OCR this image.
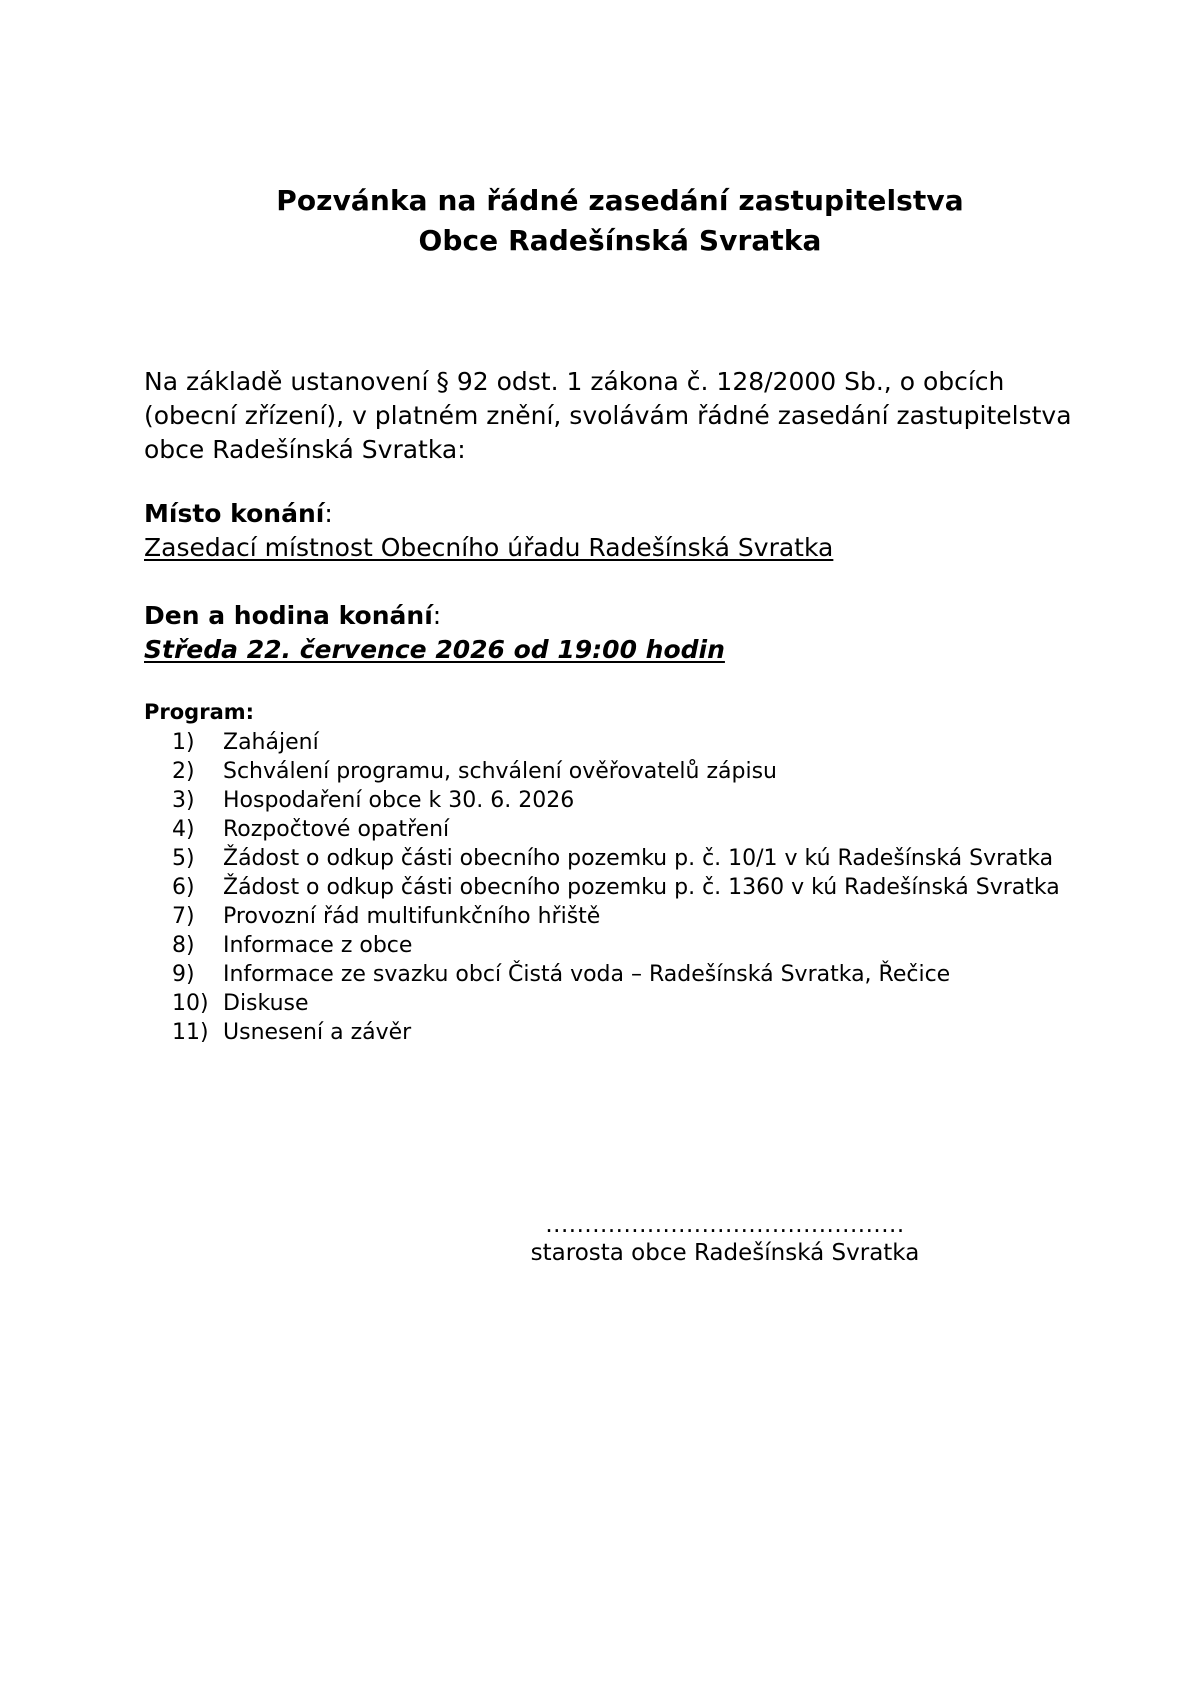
Pozvánka na řádné zasedání zastupitelstva
Obce Radešínská Svratka
Na základě ustanovení § 92 odst. 1 zákona č. 128/2000 Sb., o obcích
(obecní zřízení), v platném znění, svolávám řádné zasedání zastupitelstva
obce Radešínská Svratka:
Místo konání:
Zasedací místnost Obecního úřadu Radešínská Svratka
Den a hodina konání:
Středa 22. července 2026 od 19:00 hodin
Program:
1) Zahájení
2) Schválení programu, schválení ověřovatelů zápisu
3) Hospodaření obce k 30. 6. 2026
4) Rozpočtové opatření
5) Žádost o odkup části obecního pozemku p. č. 10/1 v kú Radešínská Svratka
6) Žádost o odkup části obecního pozemku p. č. 1360 v kú Radešínská Svratka
7) Provozní řád multifunkčního hřiště
8) Informace z obce
9) Informace ze svazku obcí Čistá voda – Radešínská Svratka, Řečice
10) Diskuse
11) Usnesení a závěr
..............................................
starosta obce Radešínská Svratka
